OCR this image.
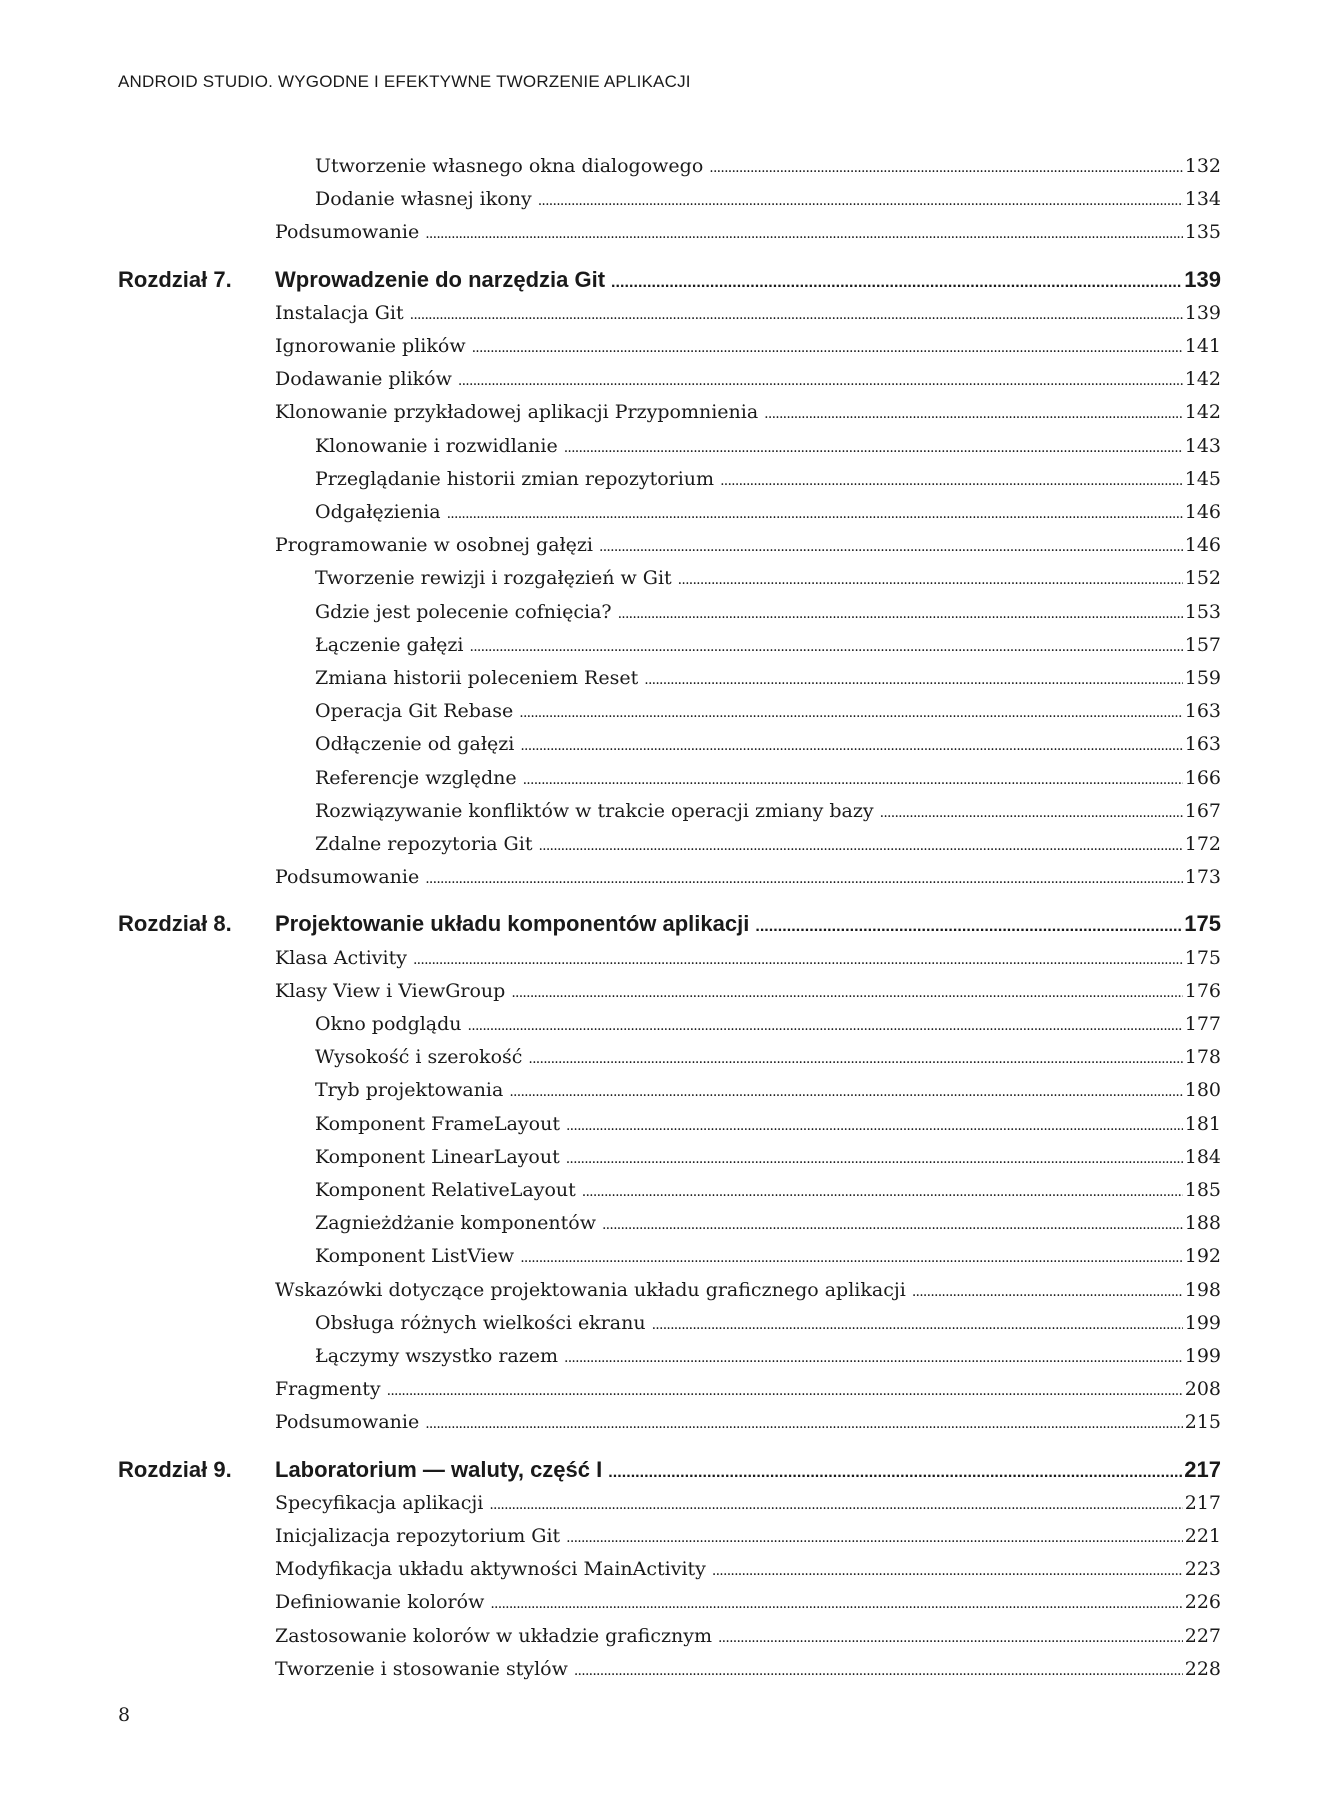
ANDROID STUDIO. WYGODNE I EFEKTYWNE TWORZENIE APLIKACJI
Utworzenie własnego okna dialogowego . . .	132
Dodanie własnej ikony . . .	134
Podsumowanie . . .	135
Rozdział 7.	Wprowadzenie do narzędzia Git . . .	139
Instalacja Git . . .	139
Ignorowanie plików . . .	141
Dodawanie plików . . .	142
Klonowanie przykładowej aplikacji Przypomnienia . . .	142
Klonowanie i rozwidlanie . . .	143
Przeglądanie historii zmian repozytorium . . .	145
Odgałęzienia . . .	146
Programowanie w osobnej gałęzi . . .	146
Tworzenie rewizji i rozgałęzień w Git . . .	152
Gdzie jest polecenie cofnięcia? . . .	153
Łączenie gałęzi . . .	157
Zmiana historii poleceniem Reset . . .	159
Operacja Git Rebase . . .	163
Odłączenie od gałęzi . . .	163
Referencje względne . . .	166
Rozwiązywanie konfliktów w trakcie operacji zmiany bazy . . .	167
Zdalne repozytoria Git . . .	172
Podsumowanie . . .	173
Rozdział 8.	Projektowanie układu komponentów aplikacji . . .	175
Klasa Activity . . .	175
Klasy View i ViewGroup . . .	176
Okno podglądu . . .	177
Wysokość i szerokość . . .	178
Tryb projektowania . . .	180
Komponent FrameLayout . . .	181
Komponent LinearLayout . . .	184
Komponent RelativeLayout . . .	185
Zagnieżdżanie komponentów . . .	188
Komponent ListView . . .	192
Wskazówki dotyczące projektowania układu graficznego aplikacji . . .	198
Obsługa różnych wielkości ekranu . . .	199
Łączymy wszystko razem . . .	199
Fragmenty . . .	208
Podsumowanie . . .	215
Rozdział 9.	Laboratorium — waluty, część I . . .	217
Specyfikacja aplikacji . . .	217
Inicjalizacja repozytorium Git . . .	221
Modyfikacja układu aktywności MainActivity . . .	223
Definiowanie kolorów . . .	226
Zastosowanie kolorów w układzie graficznym . . .	227
Tworzenie i stosowanie stylów . . .	228
8
